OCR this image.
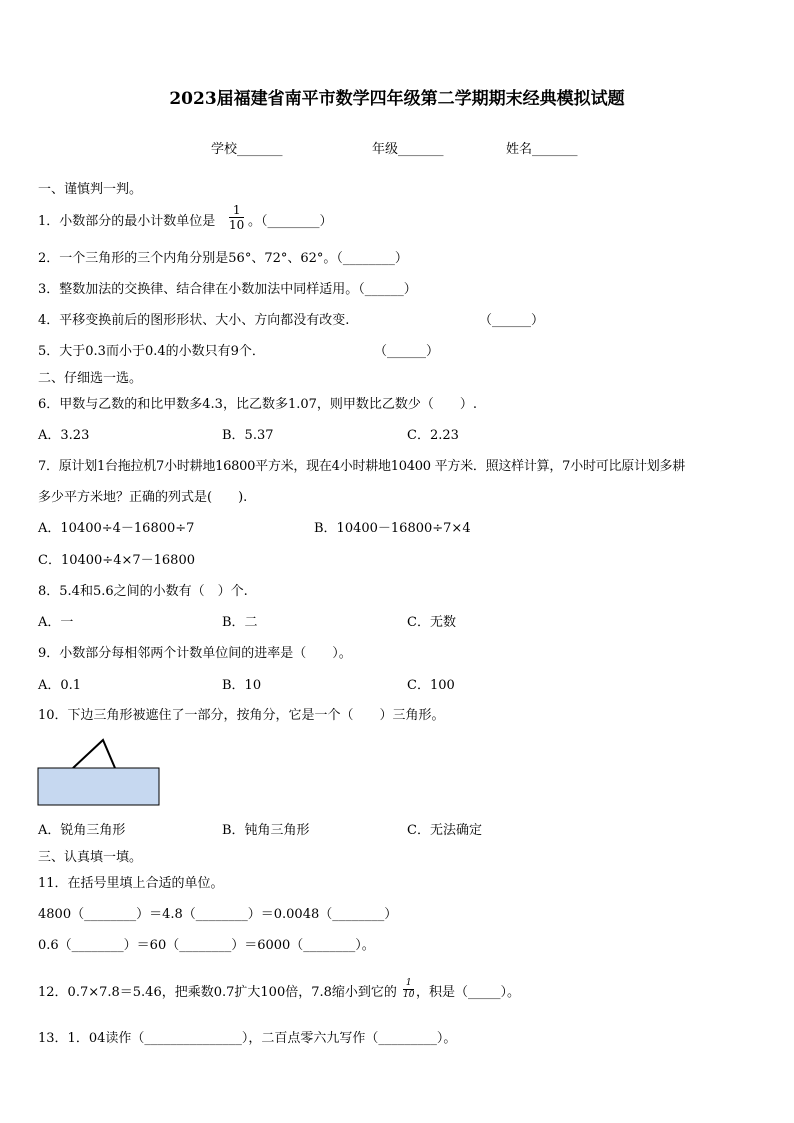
2023届福建省南平市数学四年级第二学期期末经典模拟试题
学校_______	年级_______	姓名_______
一、谨慎判一判。
1．小数部分的最小计数单位是 $\frac{1}{10}$ 。（________）
2．一个三角形的三个内角分别是56°、72°、62°。（________）
3．整数加法的交换律、结合律在小数加法中同样适用。（______）
4．平移变换前后的图形形状、大小、方向都没有改变.	（______）
5．大于0.3而小于0.4的小数只有9个．	（______）
二、仔细选一选。
6．甲数与乙数的和比甲数多4.3，比乙数多1.07，则甲数比乙数少（　　）.
A．3.23	B．5.37	C．2.23
7．原计划1台拖拉机7小时耕地16800平方米，现在4小时耕地10400 平方米．照这样计算，7小时可比原计划多耕
多少平方米地？正确的列式是(　　).
A．10400÷4－16800÷7	B．10400－16800÷7×4
C．10400÷4×7－16800
8．5.4和5.6之间的小数有（　）个.
A．一	B．二	C．无数
9．小数部分每相邻两个计数单位间的进率是（　　）。
A．0.1	B．10	C．100
10．下边三角形被遮住了一部分，按角分，它是一个（　　）三角形。
A．锐角三角形	B．钝角三角形	C．无法确定
三、认真填一填。
11．在括号里填上合适的单位。
4800（________）＝4.8（________）＝0.0048（________）
0.6（________）＝60（________）＝6000（________）。
12．0.7×7.8＝5.46，把乘数0.7扩大100倍，7.8缩小到它的 $\frac{1}{10}$ ，积是（_____）。
13．1．04读作（_______________），二百点零六九写作（_________）。
